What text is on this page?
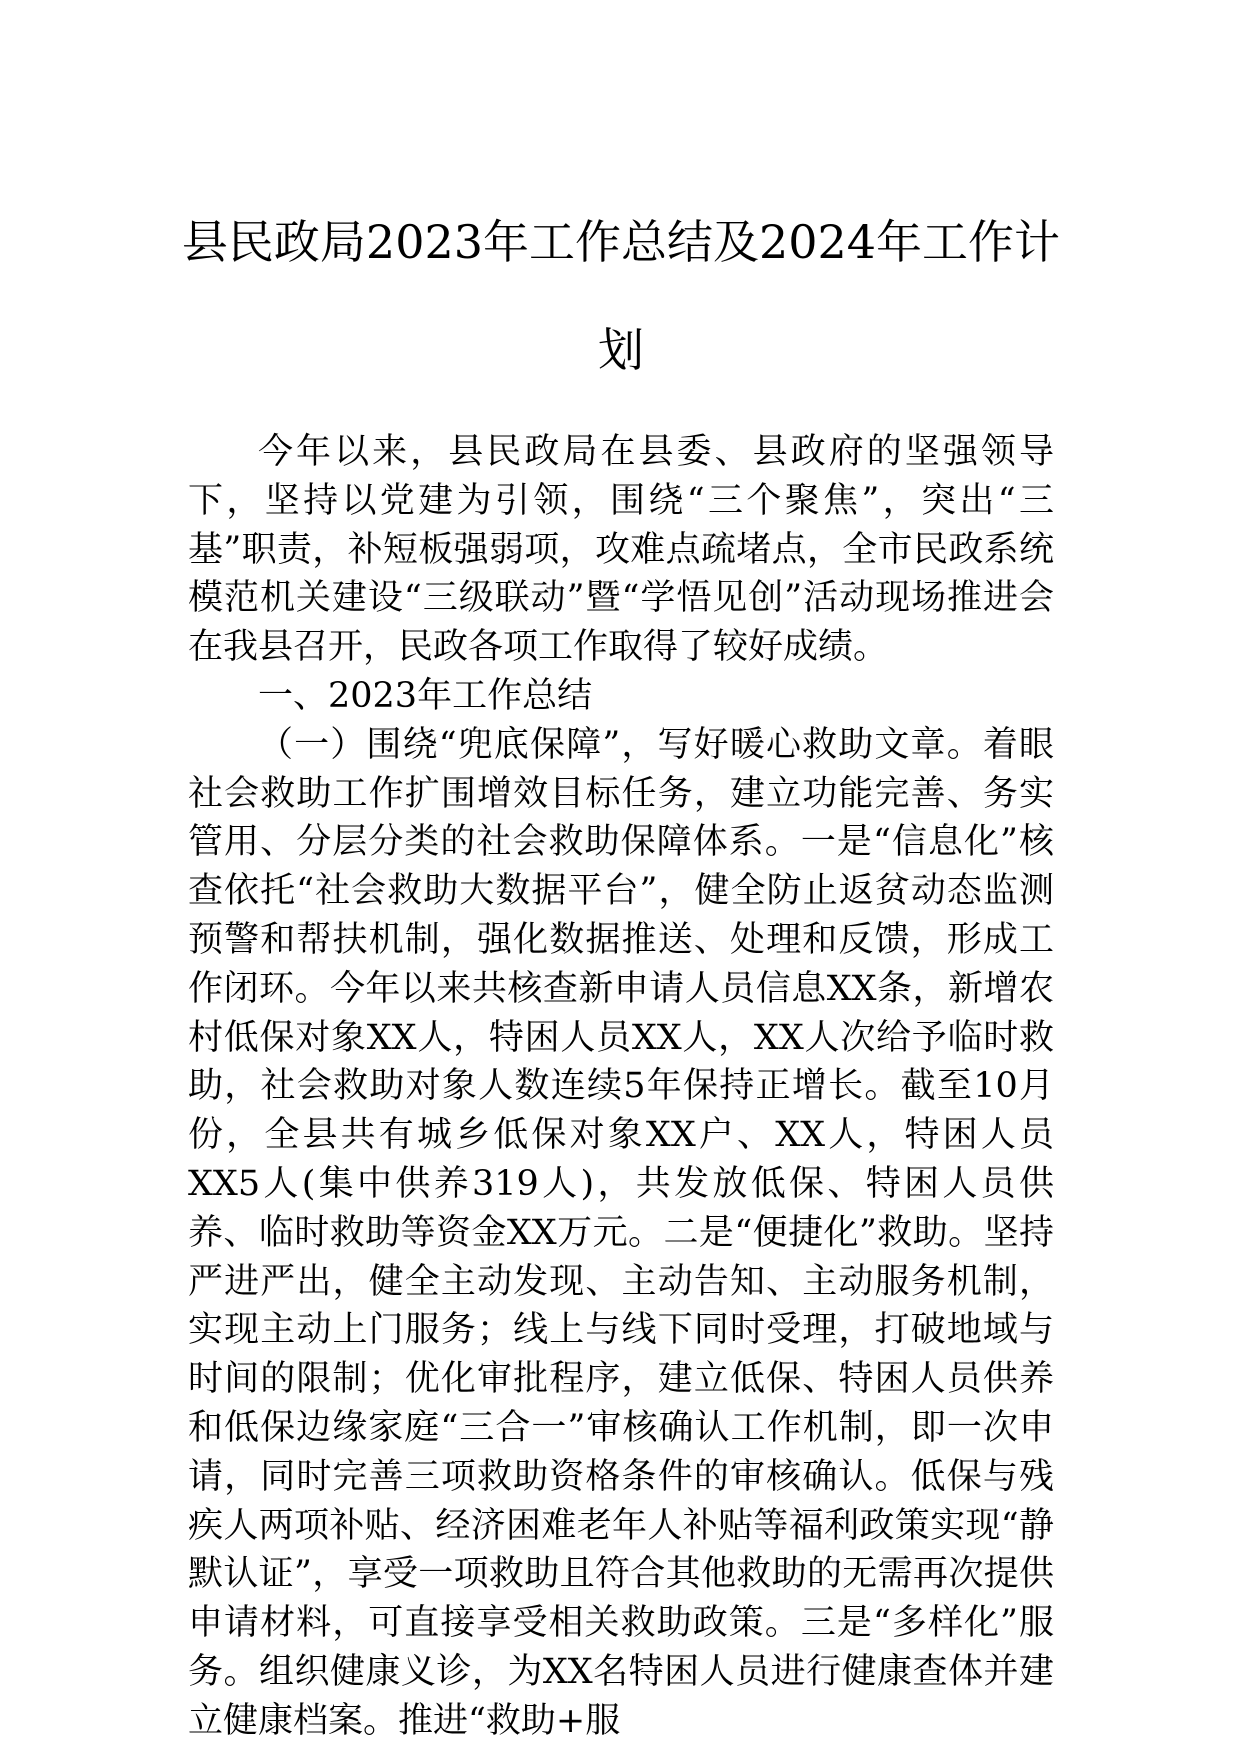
县民政局2023年工作总结及2024年工作计划

今年以来，县民政局在县委、县政府的坚强领导下，坚持以党建为引领，围绕“三个聚焦”，突出“三基”职责，补短板强弱项，攻难点疏堵点，全市民政系统模范机关建设“三级联动”暨“学悟见创”活动现场推进会在我县召开，民政各项工作取得了较好成绩。

一、2023年工作总结

（一）围绕“兜底保障”，写好暖心救助文章。着眼社会救助工作扩围增效目标任务，建立功能完善、务实管用、分层分类的社会救助保障体系。一是“信息化”核查依托“社会救助大数据平台”，健全防止返贫动态监测预警和帮扶机制，强化数据推送、处理和反馈，形成工作闭环。今年以来共核查新申请人员信息XX条，新增农村低保对象XX人，特困人员XX人，XX人次给予临时救助，社会救助对象人数连续5年保持正增长。截至10月份，全县共有城乡低保对象XX户、XX人，特困人员XX5人(集中供养319人)，共发放低保、特困人员供养、临时救助等资金XX万元。二是“便捷化”救助。坚持严进严出，健全主动发现、主动告知、主动服务机制，实现主动上门服务；线上与线下同时受理，打破地域与时间的限制；优化审批程序，建立低保、特困人员供养和低保边缘家庭“三合一”审核确认工作机制，即一次申请，同时完善三项救助资格条件的审核确认。低保与残疾人两项补贴、经济困难老年人补贴等福利政策实现“静默认证”，享受一项救助且符合其他救助的无需再次提供申请材料，可直接享受相关救助政策。三是“多样化”服务。组织健康义诊，为XX名特困人员进行健康查体并建立健康档案。推进“救助+服
